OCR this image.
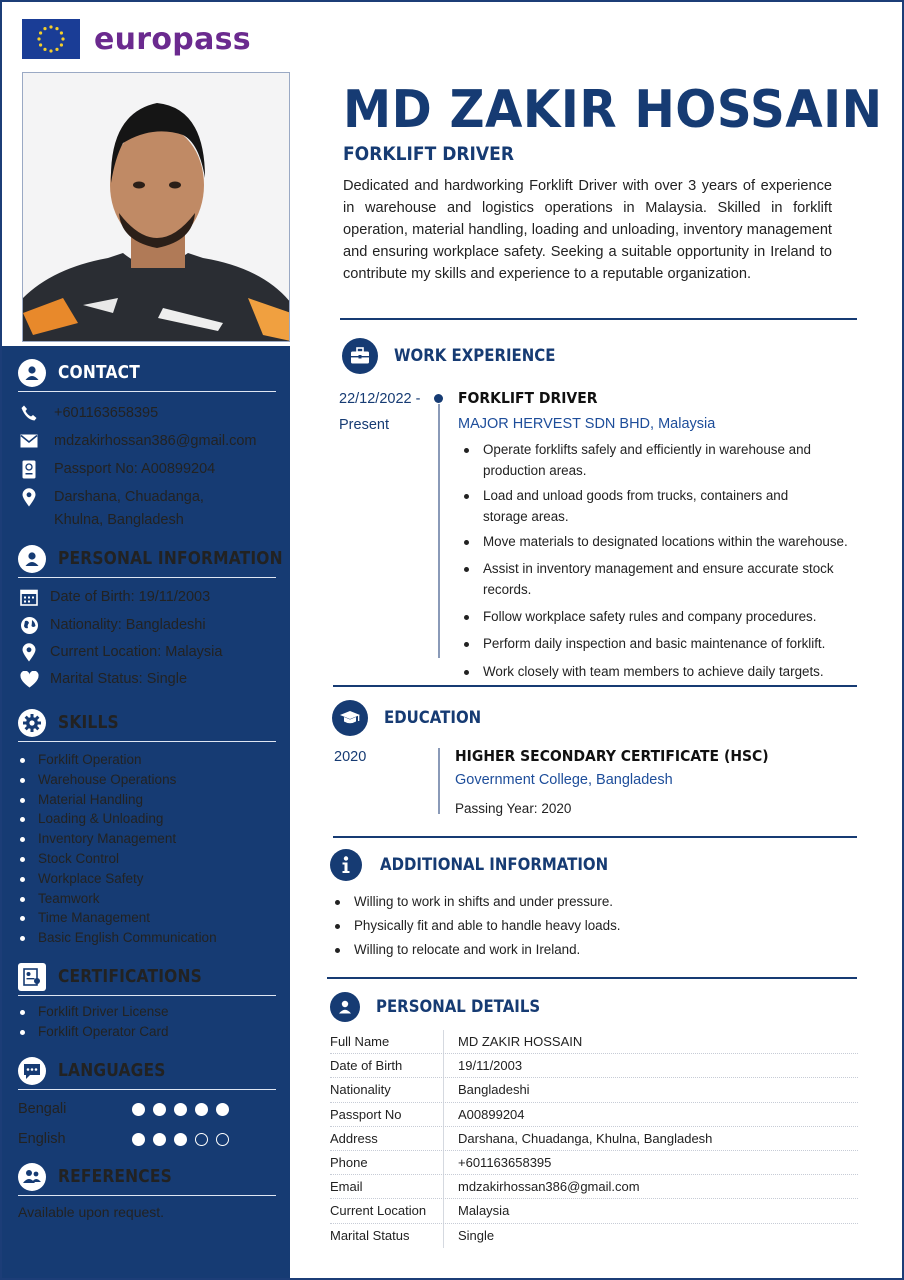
europass
CONTACT
+601163658395
mdzakirhossan386@gmail.com
Passport No: A00899204
Darshana, Chuadanga,
Khulna, Bangladesh
PERSONAL INFORMATION
Date of Birth: 19/11/2003
Nationality: Bangladeshi
Current Location: Malaysia
Marital Status: Single
SKILLS
Forklift Operation
Warehouse Operations
Material Handling
Loading & Unloading
Inventory Management
Stock Control
Workplace Safety
Teamwork
Time Management
Basic English Communication
CERTIFICATIONS
Forklift Driver License
Forklift Operator Card
LANGUAGES
Bengali
English
REFERENCES
Available upon request.
MD ZAKIR HOSSAIN
FORKLIFT DRIVER

Dedicated and hardworking Forklift Driver with over 3 years of experience in warehouse and logistics operations in Malaysia. Skilled in forklift operation, material handling, loading and unloading, inventory management and ensuring workplace safety. Seeking a suitable opportunity in Ireland to contribute my skills and experience to a reputable organization.

WORK EXPERIENCE
22/12/2022 -
Present
FORKLIFT DRIVER
MAJOR HERVEST SDN BHD, Malaysia
Operate forklifts safely and efficiently in warehouse and
production areas.
Load and unload goods from trucks, containers and
storage areas.
Move materials to designated locations within the warehouse.
Assist in inventory management and ensure accurate stock records.
Follow workplace safety rules and company procedures.
Perform daily inspection and basic maintenance of forklift.
Work closely with team members to achieve daily targets.
EDUCATION
2020	HIGHER SECONDARY CERTIFICATE (HSC)
Government College, Bangladesh
Passing Year: 2020
ADDITIONAL INFORMATION
Willing to work in shifts and under pressure.
Physically fit and able to handle heavy loads.
Willing to relocate and work in Ireland.
PERSONAL DETAILS
Full Name	MD ZAKIR HOSSAIN
Date of Birth	19/11/2003
Nationality	Bangladeshi
Passport No	A00899204
Address	Darshana, Chuadanga, Khulna, Bangladesh
Phone	+601163658395
Email	mdzakirhossan386@gmail.com
Current Location	Malaysia
Marital Status	Single
